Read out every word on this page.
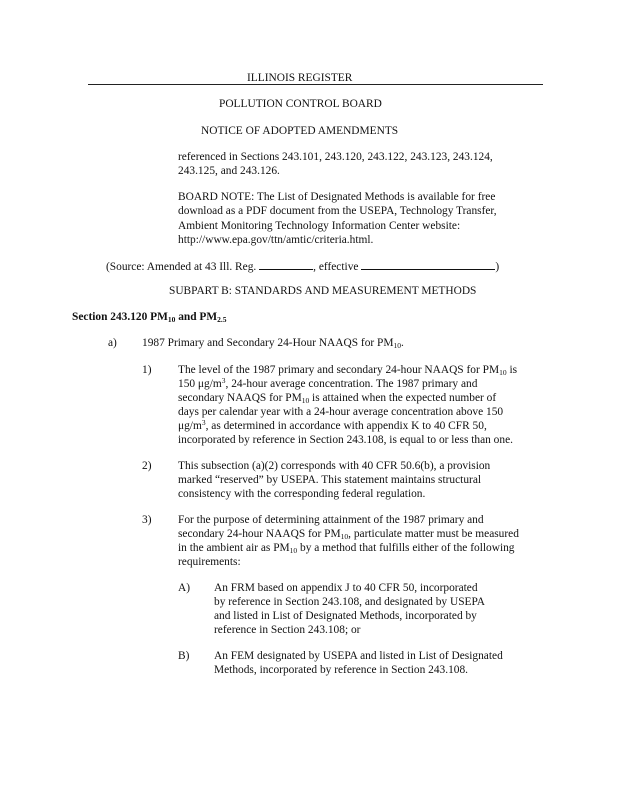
ILLINOIS REGISTER
POLLUTION CONTROL BOARD
NOTICE OF ADOPTED AMENDMENTS
referenced in Sections 243.101, 243.120, 243.122, 243.123, 243.124,
243.125, and 243.126.
BOARD NOTE: The List of Designated Methods is available for free
download as a PDF document from the USEPA, Technology Transfer,
Ambient Monitoring Technology Information Center website:
http://www.epa.gov/ttn/amtic/criteria.html.
(Source: Amended at 43 Ill. Reg.	, effective	)
SUBPART B: STANDARDS AND MEASUREMENT METHODS
Section 243.120 $PM_{10}$ and $PM_{2.5}$
a) 1987 Primary and Secondary 24-Hour NAAQS for $PM_{10}$.
1) The level of the 1987 primary and secondary 24-hour NAAQS for $PM_{10}$ is
150 $\mu g/m^3$, 24-hour average concentration. The 1987 primary and
secondary NAAQS for $PM_{10}$ is attained when the expected number of
days per calendar year with a 24-hour average concentration above 150
$\mu g/m^3$, as determined in accordance with appendix K to 40 CFR 50,
incorporated by reference in Section 243.108, is equal to or less than one.
2) This subsection (a)(2) corresponds with 40 CFR 50.6(b), a provision
marked “reserved” by USEPA. This statement maintains structural
consistency with the corresponding federal regulation.
3) For the purpose of determining attainment of the 1987 primary and
secondary 24-hour NAAQS for $PM_{10}$, particulate matter must be measured
in the ambient air as $PM_{10}$ by a method that fulfills either of the following
requirements:
A) An FRM based on appendix J to 40 CFR 50, incorporated
by reference in Section 243.108, and designated by USEPA
and listed in List of Designated Methods, incorporated by
reference in Section 243.108; or
B) An FEM designated by USEPA and listed in List of Designated
Methods, incorporated by reference in Section 243.108.
